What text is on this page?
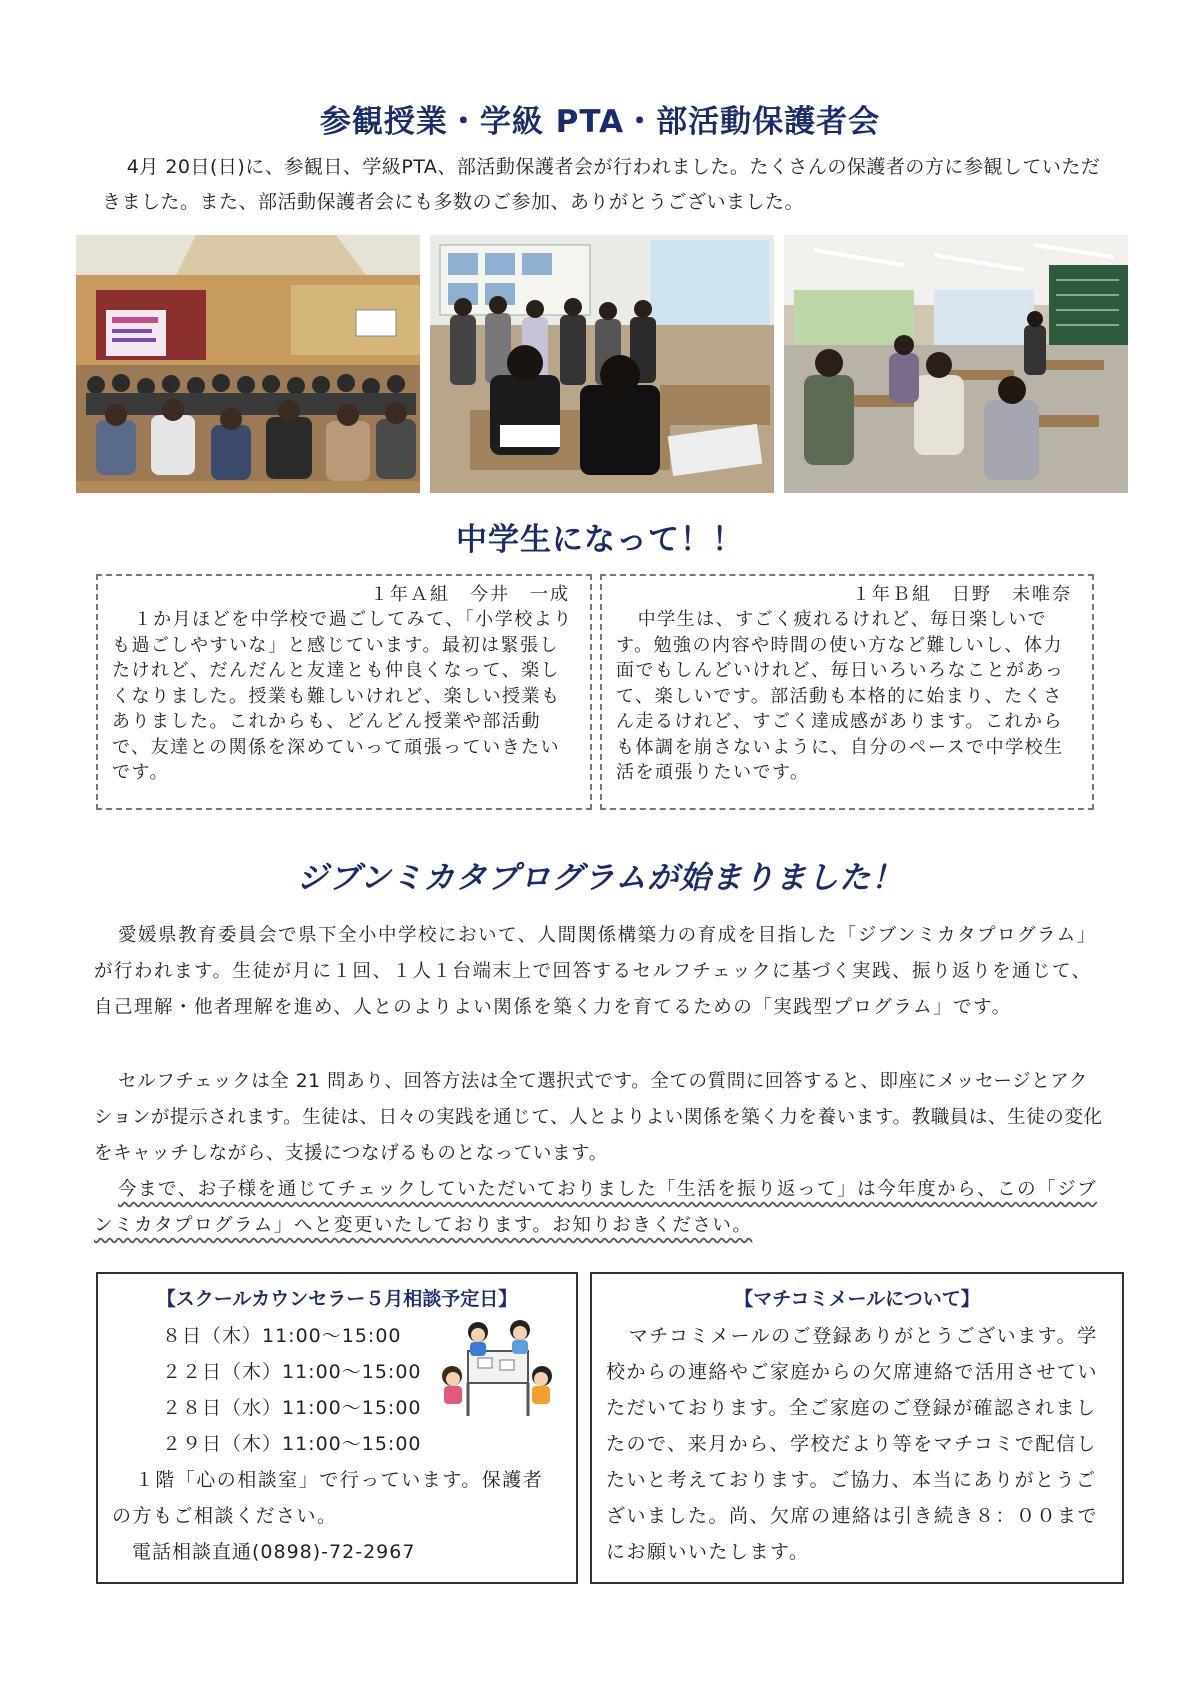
参観授業・学級 PTA・部活動保護者会
4月 20日(日)に、参観日、学級PTA、部活動保護者会が行われました。たくさんの保護者の方に参観していただきました。また、部活動保護者会にも多数のご参加、ありがとうございました。
中学生になって！！
１年Ａ組　今井　一成
１か月ほどを中学校で過ごしてみて、「小学校よりも過ごしやすいな」と感じています。最初は緊張したけれど、だんだんと友達とも仲良くなって、楽しくなりました。授業も難しいけれど、楽しい授業もありました。これからも、どんどん授業や部活動で、友達との関係を深めていって頑張っていきたいです。
１年Ｂ組　日野　未唯奈
中学生は、すごく疲れるけれど、毎日楽しいです。勉強の内容や時間の使い方など難しいし、体力面でもしんどいけれど、毎日いろいろなことがあって、楽しいです。部活動も本格的に始まり、たくさん走るけれど、すごく達成感があります。これからも体調を崩さないように、自分のペースで中学校生活を頑張りたいです。
ジブンミカタプログラムが始まりました！
愛媛県教育委員会で県下全小中学校において、人間関係構築力の育成を目指した「ジブンミカタプログラム」が行われます。生徒が月に１回、１人１台端末上で回答するセルフチェックに基づく実践、振り返りを通じて、自己理解・他者理解を進め、人とのよりよい関係を築く力を育てるための「実践型プログラム」です。
セルフチェックは全 21 問あり、回答方法は全て選択式です。全ての質問に回答すると、即座にメッセージとアクションが提示されます。生徒は、日々の実践を通じて、人とよりよい関係を築く力を養います。教職員は、生徒の変化をキャッチしながら、支援につなげるものとなっています。
今まで、お子様を通じてチェックしていただいておりました「生活を振り返って」は今年度から、この「ジブンミカタプログラム」へと変更いたしております。お知りおきください。
【スクールカウンセラー５月相談予定日】
８日（木）11:00～15:00
２２日（木）11:00～15:00
２８日（水）11:00～15:00
２９日（木）11:00～15:00
１階「心の相談室」で行っています。保護者の方もご相談ください。
電話相談直通(0898)-72-2967
【マチコミメールについて】
マチコミメールのご登録ありがとうございます。学校からの連絡やご家庭からの欠席連絡で活用させていただいております。全ご家庭のご登録が確認されましたので、来月から、学校だより等をマチコミで配信したいと考えております。ご協力、本当にありがとうございました。尚、欠席の連絡は引き続き８：００までにお願いいたします。
